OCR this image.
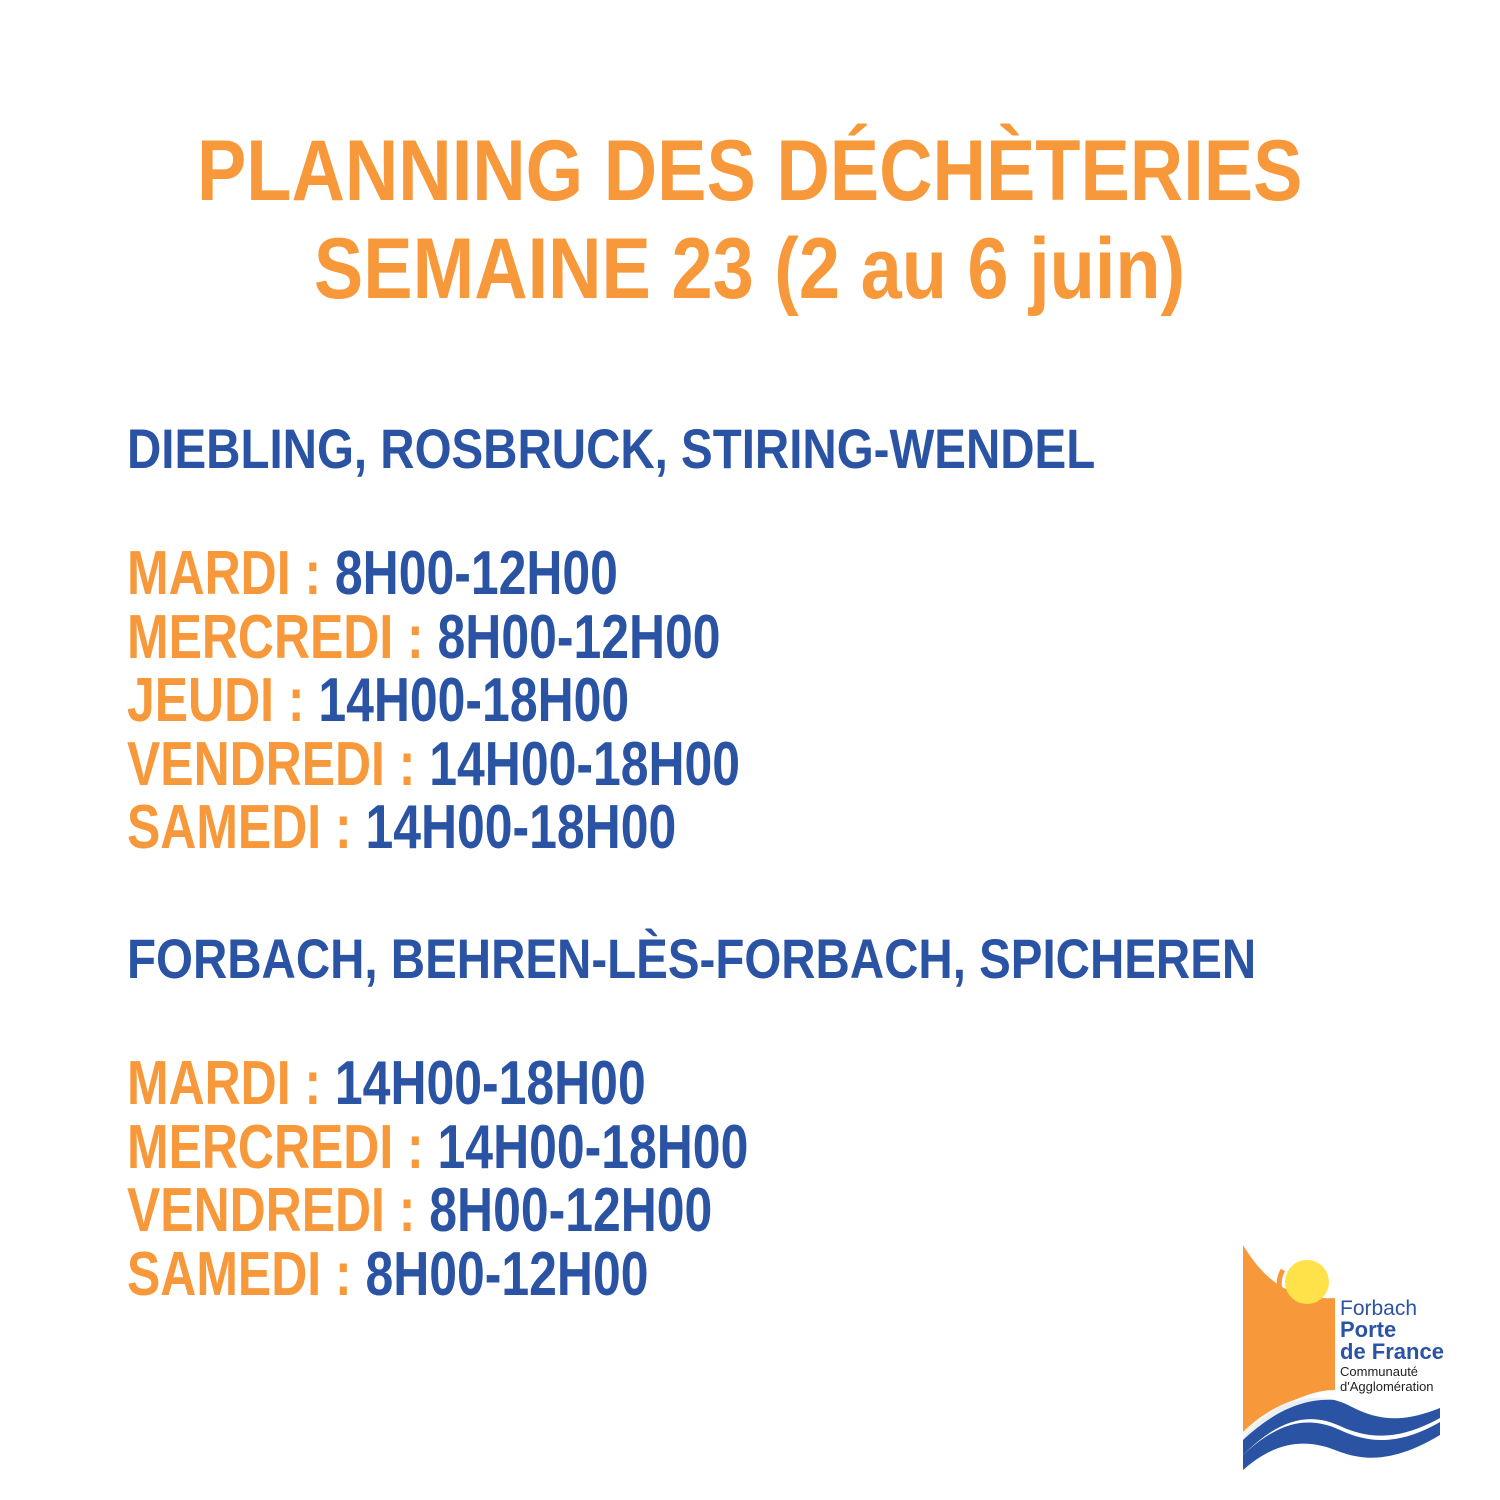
PLANNING DES DÉCHÈTERIES
SEMAINE 23 (2 au 6 juin)
DIEBLING, ROSBRUCK, STIRING-WENDEL
MARDI : 8H00-12H00
MERCREDI : 8H00-12H00
JEUDI : 14H00-18H00
VENDREDI : 14H00-18H00
SAMEDI : 14H00-18H00
FORBACH, BEHREN-LÈS-FORBACH, SPICHEREN
MARDI : 14H00-18H00
MERCREDI : 14H00-18H00
VENDREDI : 8H00-12H00
SAMEDI : 8H00-12H00	Forbach
Porte
de France
Communauté
d'Agglomération
